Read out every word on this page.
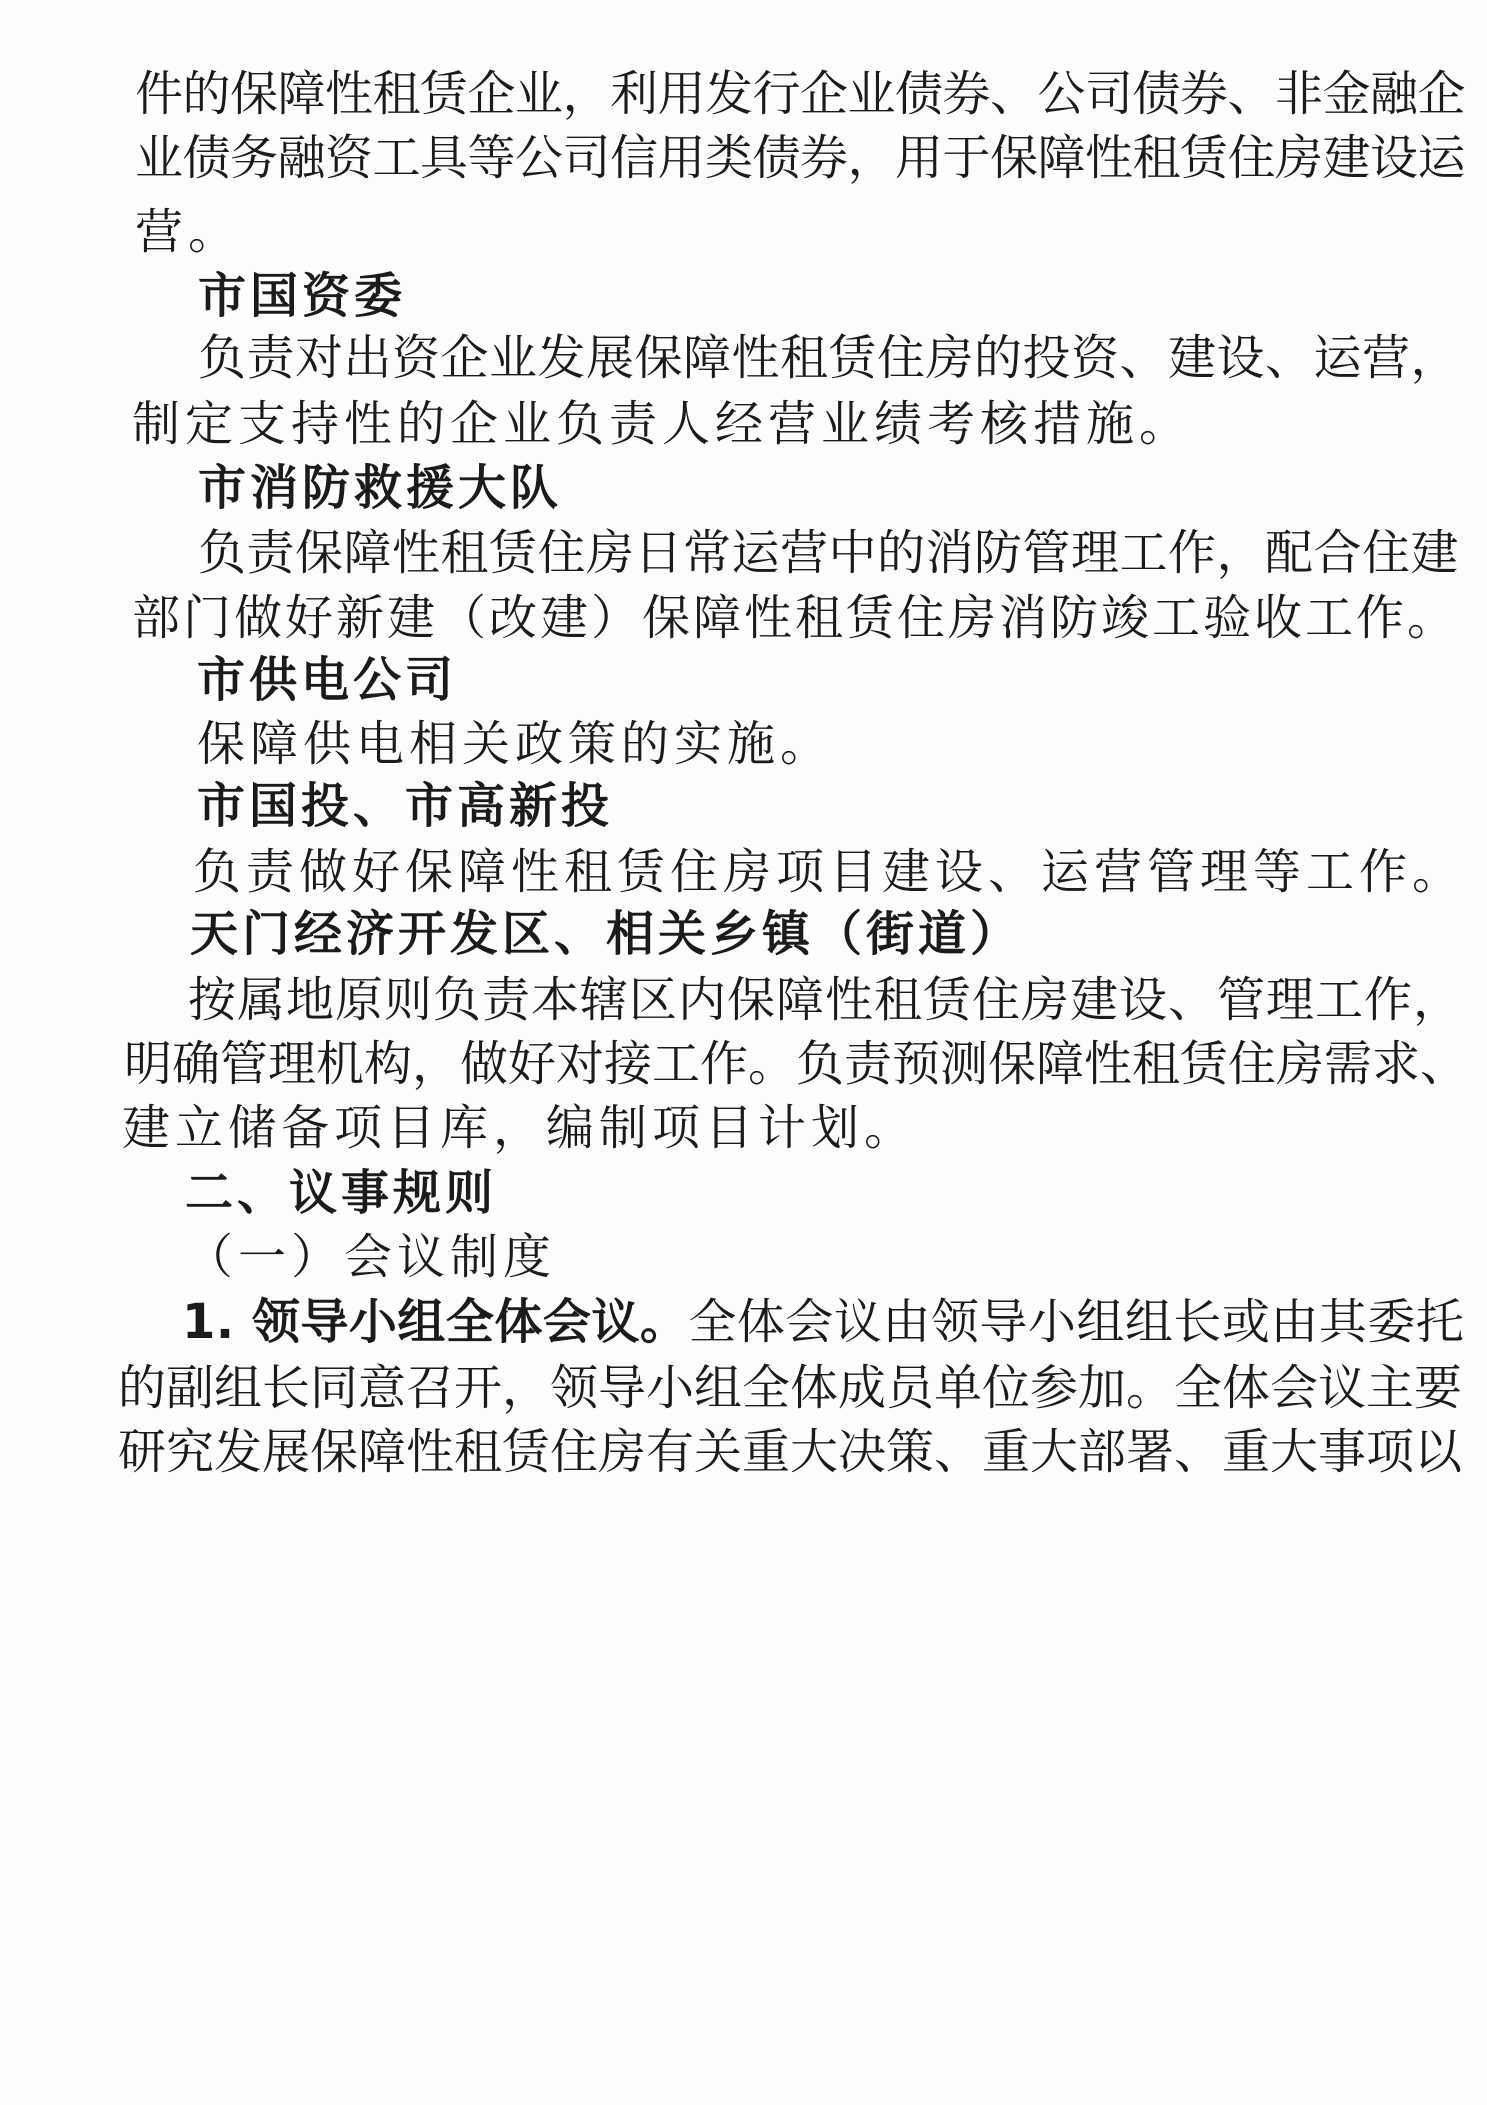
件的保障性租赁企业，利用发行企业债券、公司债券、非金融企
业债务融资工具等公司信用类债券，用于保障性租赁住房建设运
营。
市国资委
负责对出资企业发展保障性租赁住房的投资、建设、运营，
制定支持性的企业负责人经营业绩考核措施。
市消防救援大队
负责保障性租赁住房日常运营中的消防管理工作，配合住建
部门做好新建（改建）保障性租赁住房消防竣工验收工作。
市供电公司
保障供电相关政策的实施。
市国投、市高新投
负责做好保障性租赁住房项目建设、运营管理等工作。
天门经济开发区、相关乡镇（街道）
按属地原则负责本辖区内保障性租赁住房建设、管理工作，
明确管理机构，做好对接工作。负责预测保障性租赁住房需求、
建立储备项目库，编制项目计划。
二、议事规则
（一）会议制度
1. 领导小组全体会议。全体会议由领导小组组长或由其委托
的副组长同意召开，领导小组全体成员单位参加。全体会议主要
研究发展保障性租赁住房有关重大决策、重大部署、重大事项以
